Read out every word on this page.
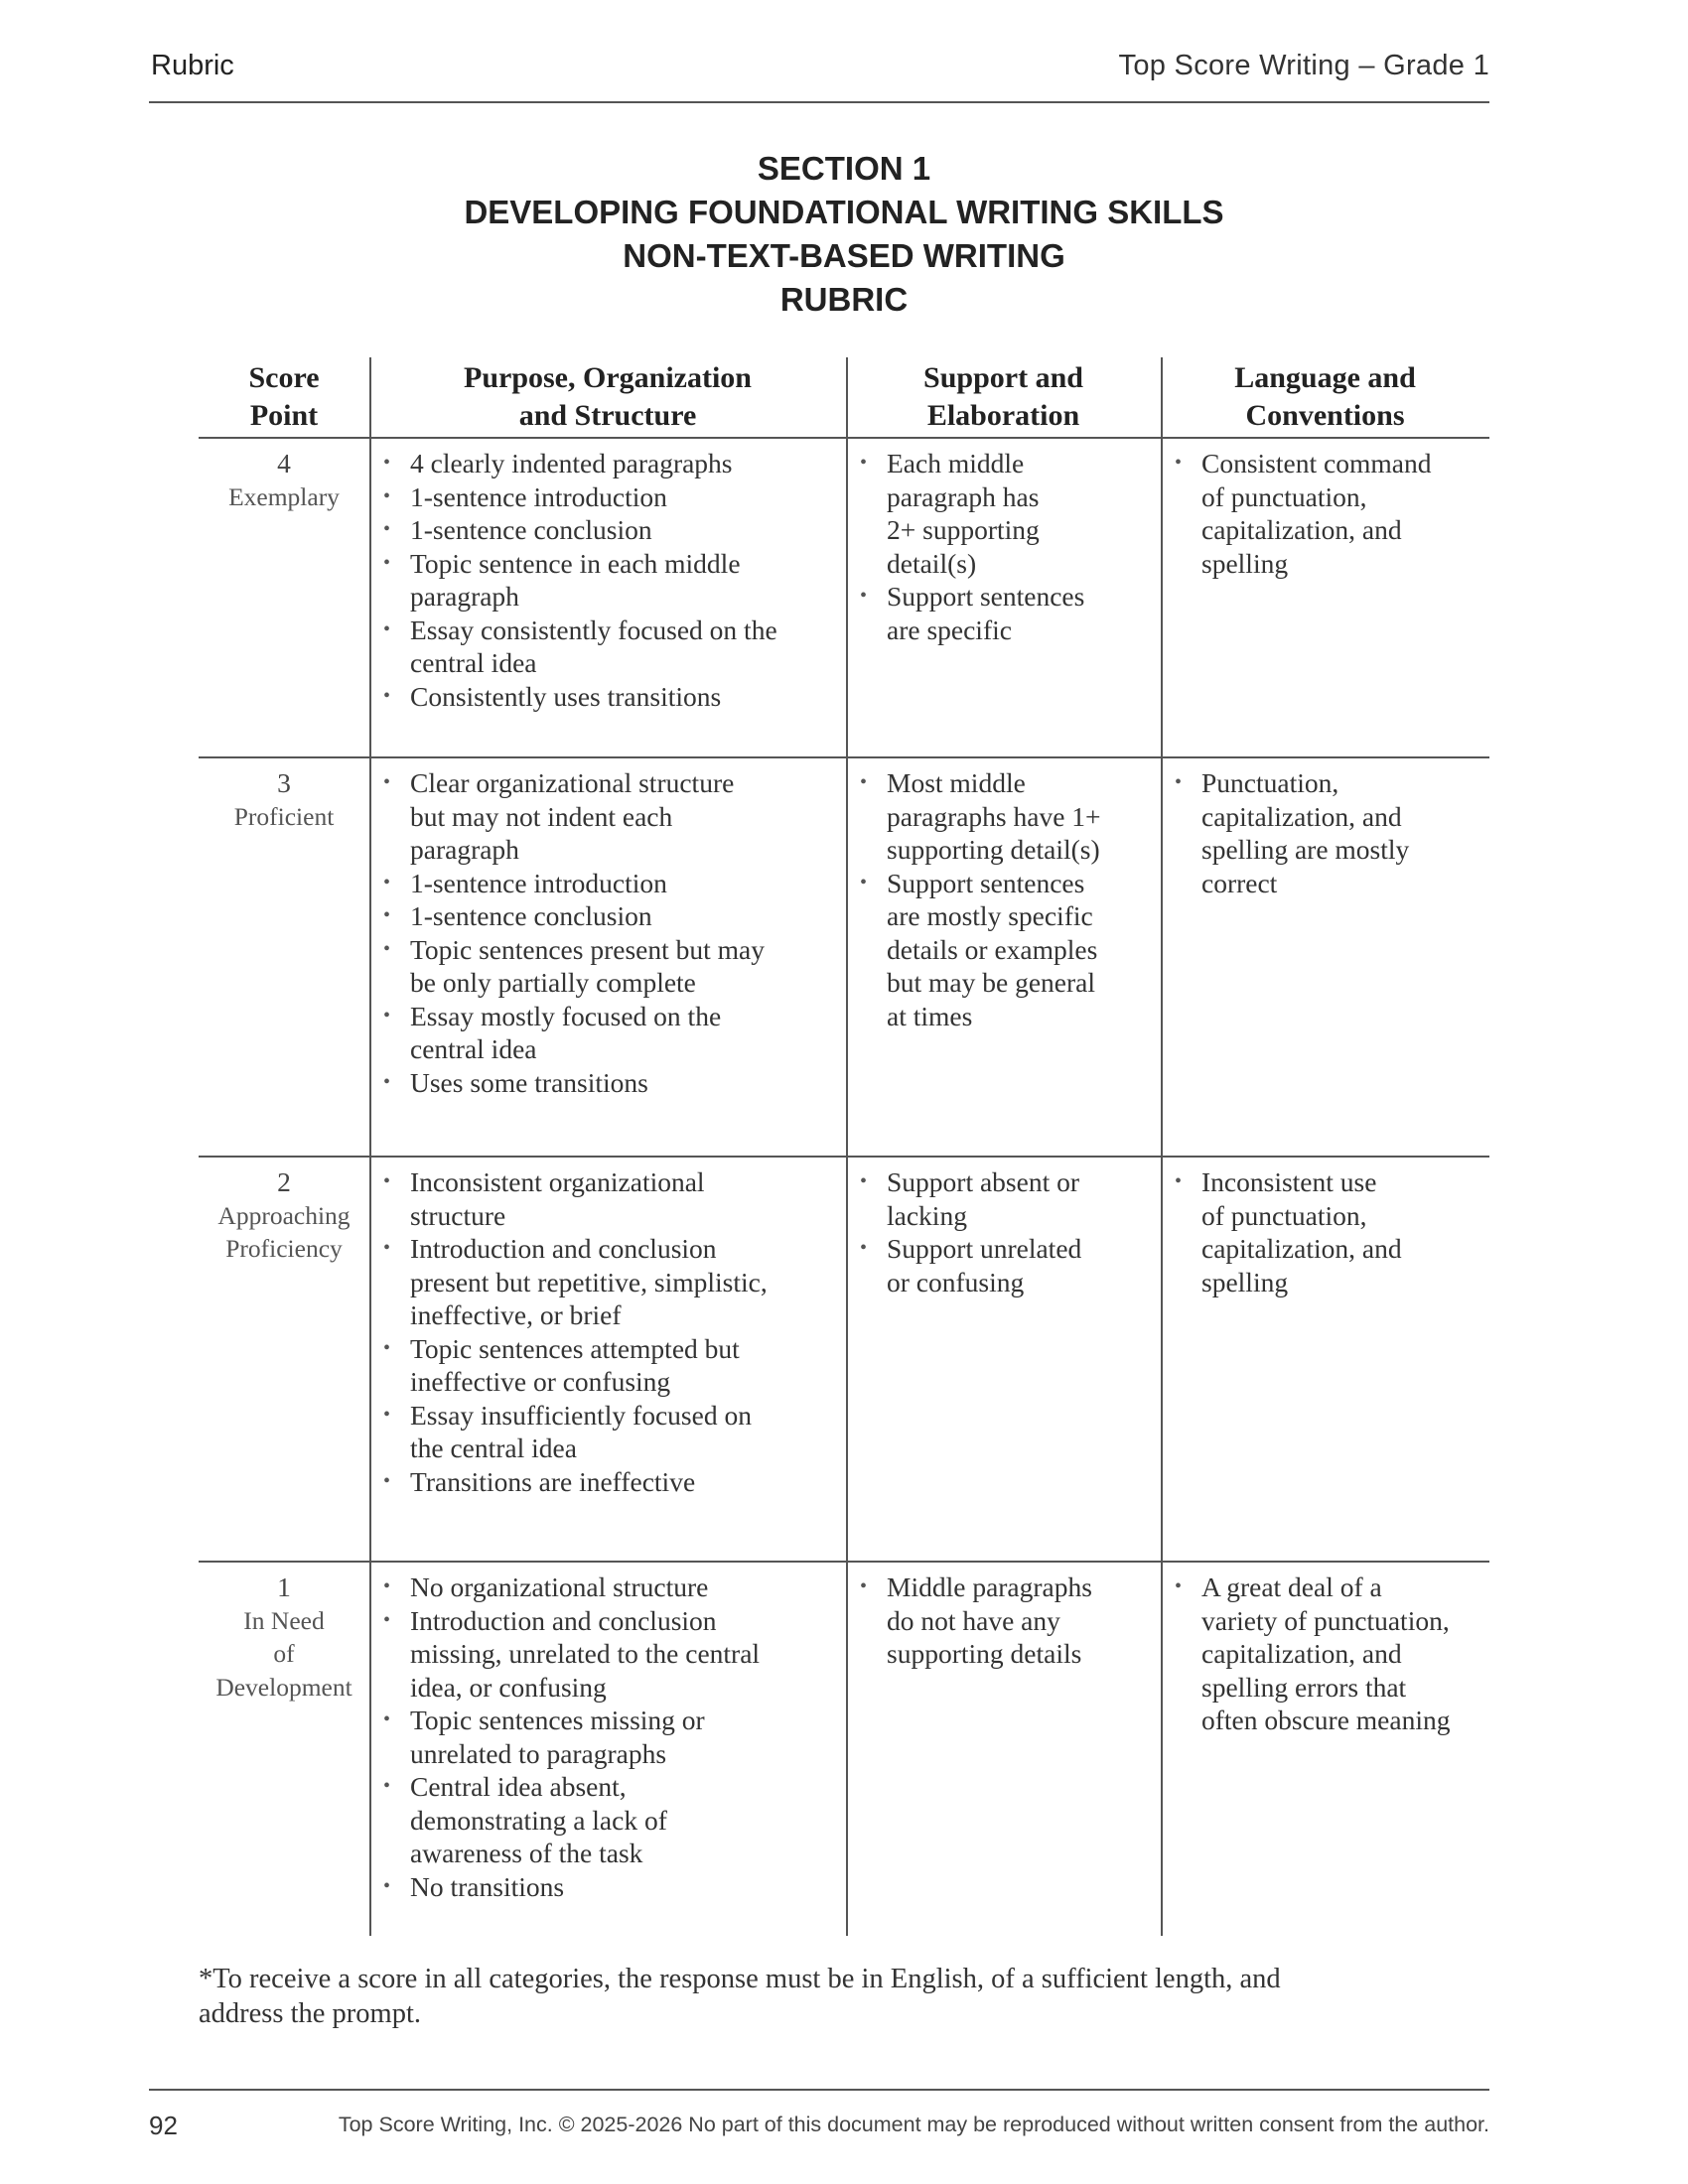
Rubric	Top Score Writing – Grade 1
SECTION 1
DEVELOPING FOUNDATIONAL WRITING SKILLS
NON-TEXT-BASED WRITING
RUBRIC
Score
Point
Purpose, Organization
and Structure
Support and
Elaboration
Language and
Conventions
4
Exemplary
• 4 clearly indented paragraphs
• 1-sentence introduction
• 1-sentence conclusion
• Topic sentence in each middle
paragraph
• Essay consistently focused on the
central idea
• Consistently uses transitions
• Each middle
paragraph has
2+ supporting
detail(s)
• Support sentences
are specific
• Consistent command
of punctuation,
capitalization, and
spelling
3
Proficient
• Clear organizational structure
but may not indent each
paragraph
• 1-sentence introduction
• 1-sentence conclusion
• Topic sentences present but may
be only partially complete
• Essay mostly focused on the
central idea
• Uses some transitions
• Most middle
paragraphs have 1+
supporting detail(s)
• Support sentences
are mostly specific
details or examples
but may be general
at times
• Punctuation,
capitalization, and
spelling are mostly
correct
2
Approaching
Proficiency
• Inconsistent organizational
structure
• Introduction and conclusion
present but repetitive, simplistic,
ineffective, or brief
• Topic sentences attempted but
ineffective or confusing
• Essay insufficiently focused on
the central idea
• Transitions are ineffective
• Support absent or
lacking
• Support unrelated
or confusing
• Inconsistent use
of punctuation,
capitalization, and
spelling
1
In Need
of
Development
• No organizational structure
• Introduction and conclusion
missing, unrelated to the central
idea, or confusing
• Topic sentences missing or
unrelated to paragraphs
• Central idea absent,
demonstrating a lack of
awareness of the task
• No transitions
• Middle paragraphs
do not have any
supporting details
• A great deal of a
variety of punctuation,
capitalization, and
spelling errors that
often obscure meaning
*To receive a score in all categories, the response must be in English, of a sufficient length, and
address the prompt.
92	Top Score Writing, Inc. © 2025-2026 No part of this document may be reproduced without written consent from the author.
